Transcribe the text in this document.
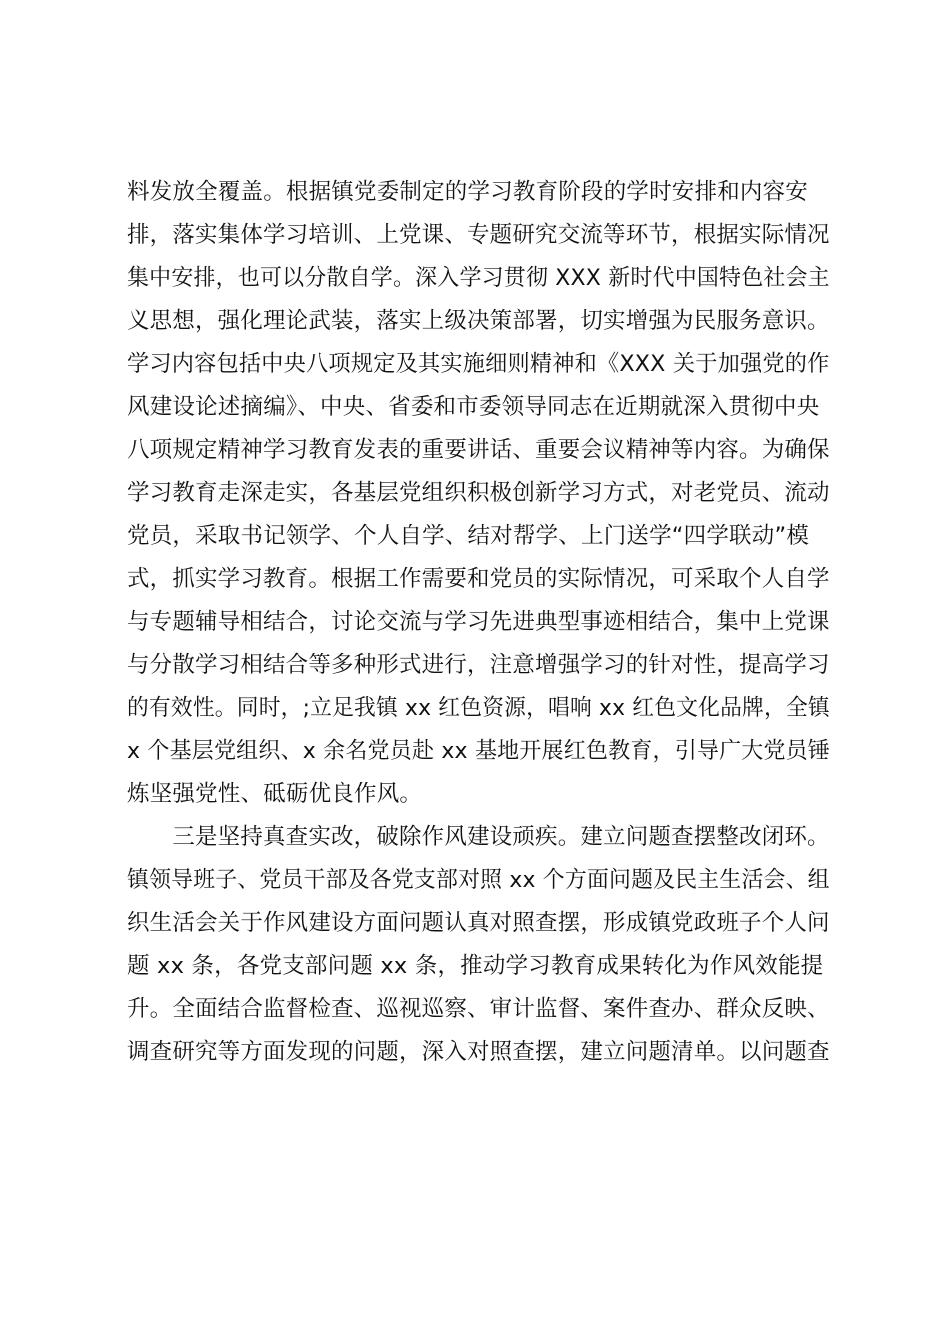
料发放全覆盖。根据镇党委制定的学习教育阶段的学时安排和内容安
排，落实集体学习培训、上党课、专题研究交流等环节，根据实际情况
集中安排，也可以分散自学。深入学习贯彻 XXX 新时代中国特色社会主
义思想，强化理论武装，落实上级决策部署，切实增强为民服务意识。
学习内容包括中央八项规定及其实施细则精神和《XXX 关于加强党的作
风建设论述摘编》、中央、省委和市委领导同志在近期就深入贯彻中央
八项规定精神学习教育发表的重要讲话、重要会议精神等内容。为确保
学习教育走深走实，各基层党组织积极创新学习方式，对老党员、流动
党员，采取书记领学、个人自学、结对帮学、上门送学“四学联动”模
式，抓实学习教育。根据工作需要和党员的实际情况，可采取个人自学
与专题辅导相结合，讨论交流与学习先进典型事迹相结合，集中上党课
与分散学习相结合等多种形式进行，注意增强学习的针对性，提高学习
的有效性。同时，;立足我镇 xx 红色资源，唱响 xx 红色文化品牌，全镇
x 个基层党组织、x 余名党员赴 xx 基地开展红色教育，引导广大党员锤
炼坚强党性、砥砺优良作风。
　　三是坚持真查实改，破除作风建设顽疾。建立问题查摆整改闭环。
镇领导班子、党员干部及各党支部对照 xx 个方面问题及民主生活会、组
织生活会关于作风建设方面问题认真对照查摆，形成镇党政班子个人问
题 xx 条，各党支部问题 xx 条，推动学习教育成果转化为作风效能提
升。全面结合监督检查、巡视巡察、审计监督、案件查办、群众反映、
调查研究等方面发现的问题，深入对照查摆，建立问题清单。以问题查
